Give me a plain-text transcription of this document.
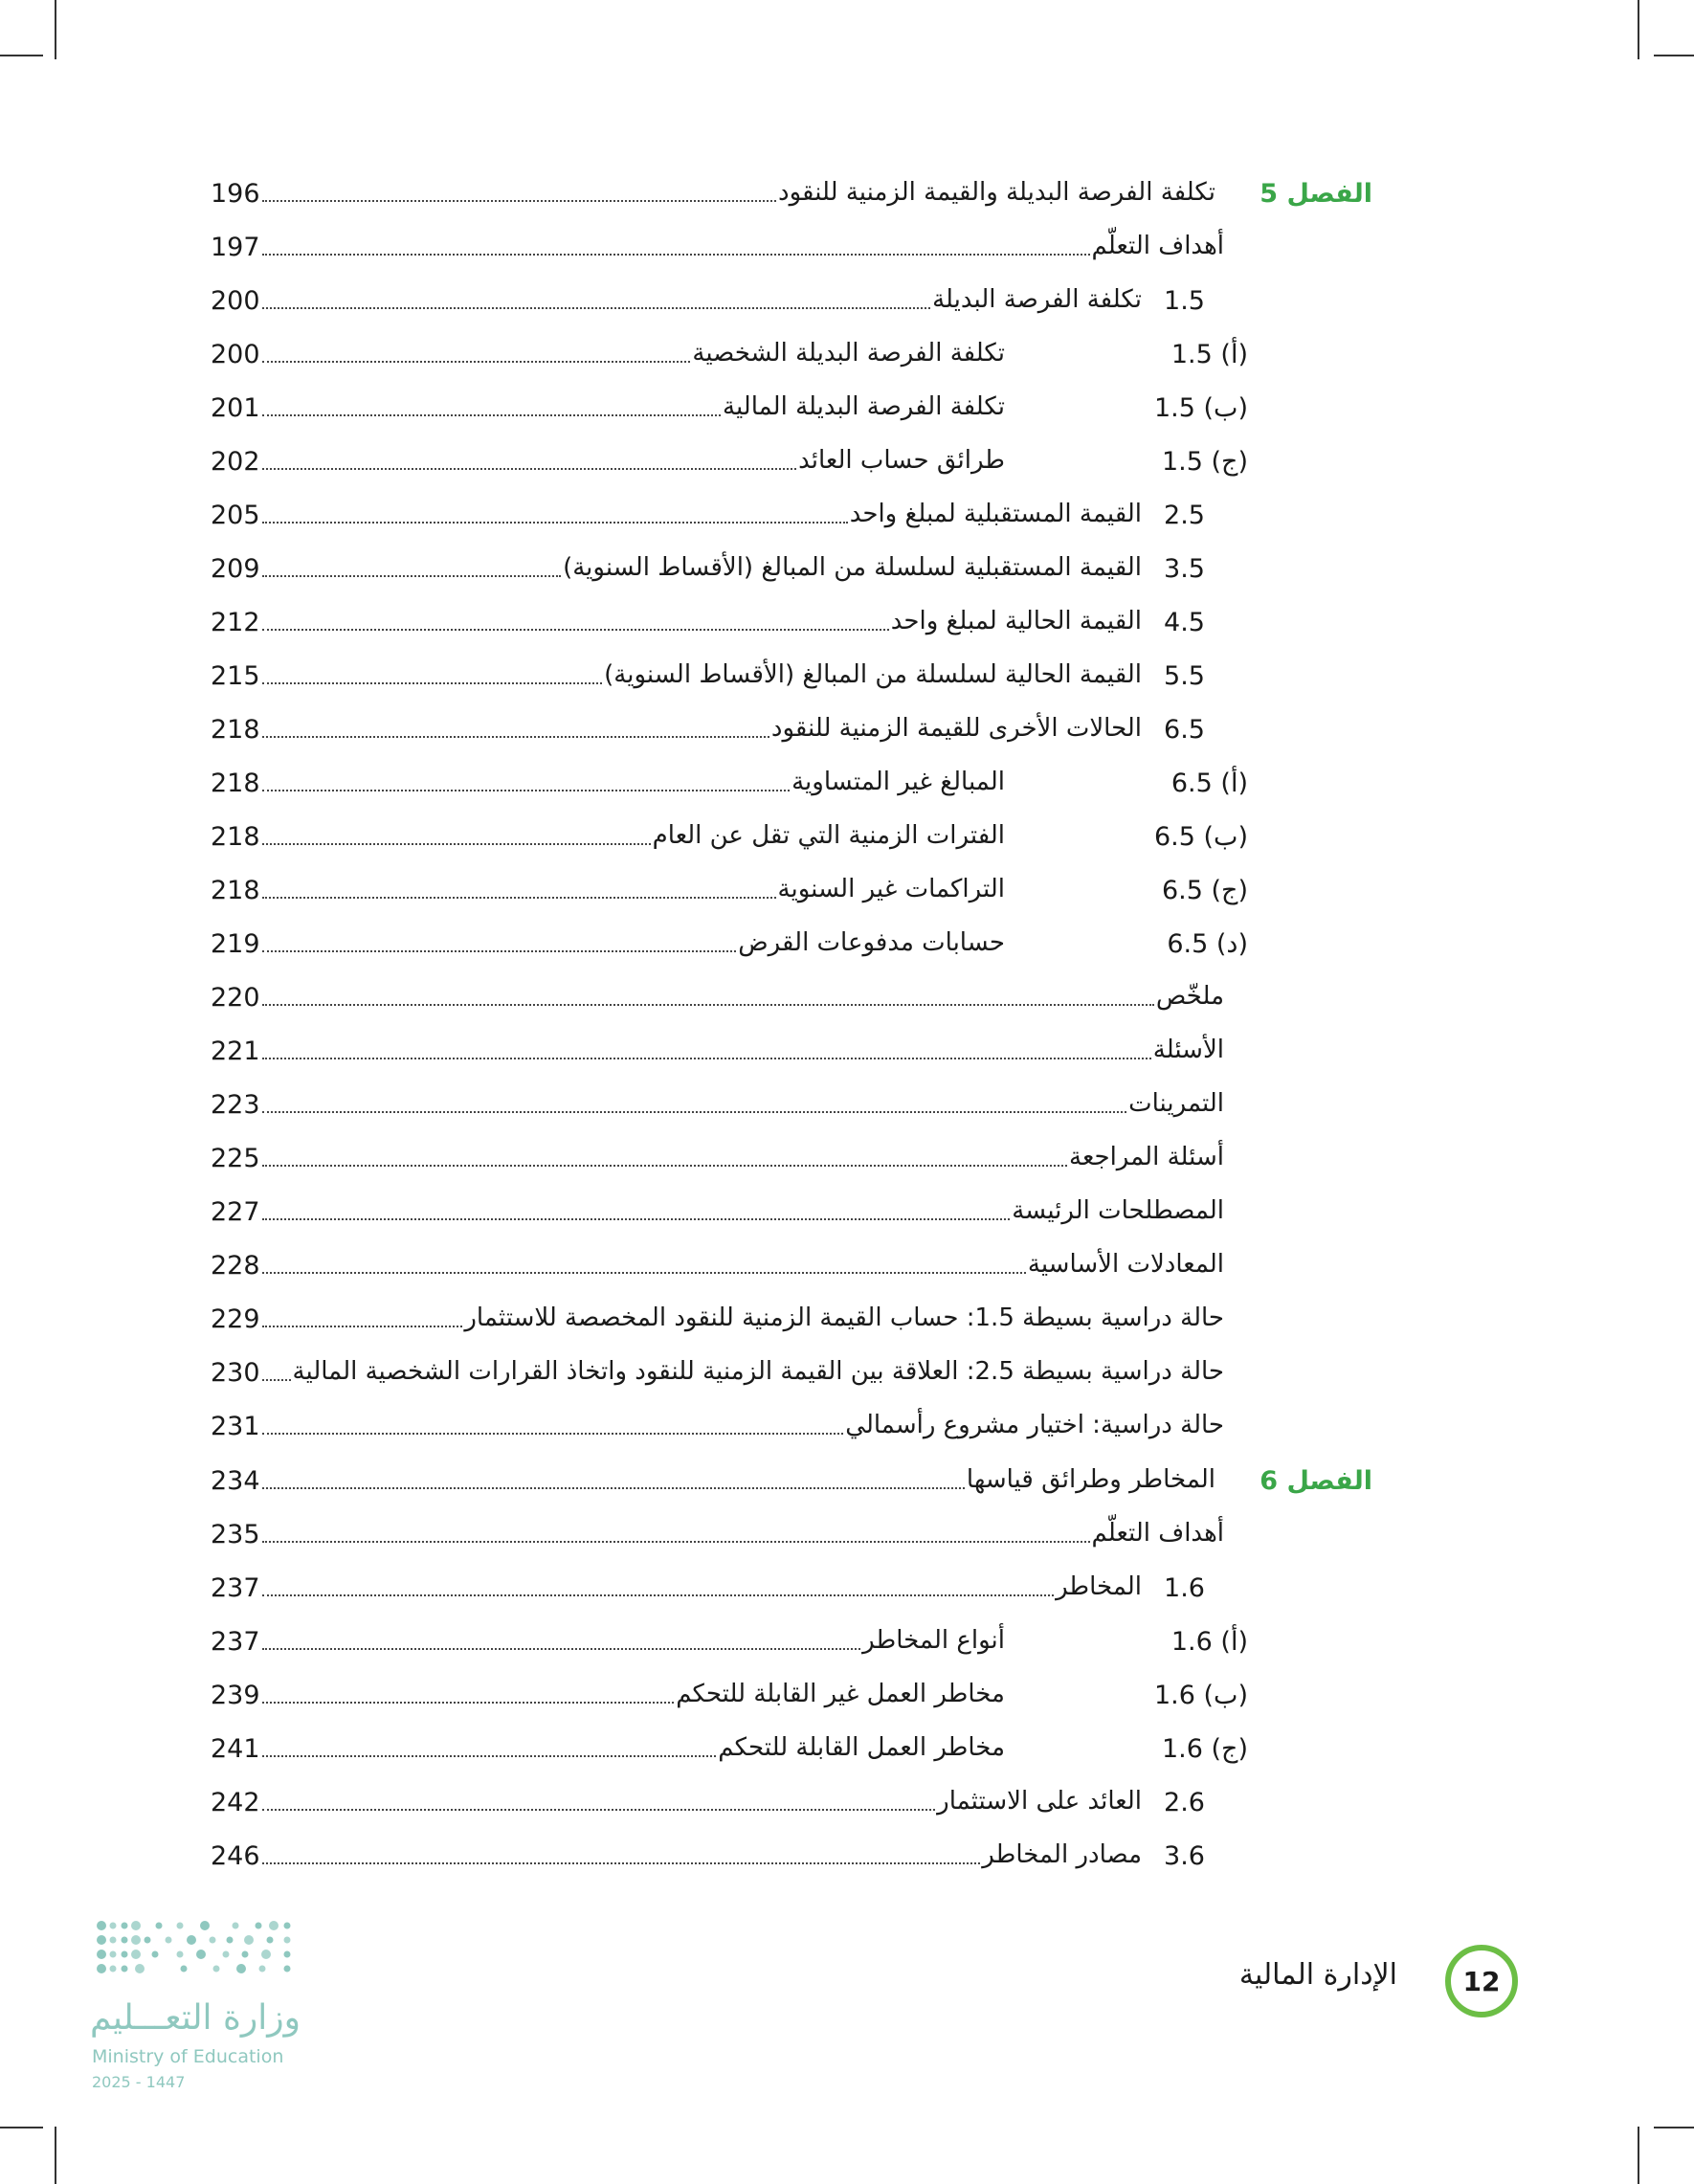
الفصل 5
تكلفة الفرصة البديلة والقيمة الزمنية للنقود
196
أهداف التعلّم
197
1.5
تكلفة الفرصة البديلة
200
1.5 (أ)
تكلفة الفرصة البديلة الشخصية
200
1.5 (ب)
تكلفة الفرصة البديلة المالية
201
1.5 (ج)
طرائق حساب العائد
202
2.5
القيمة المستقبلية لمبلغ واحد
205
3.5
القيمة المستقبلية لسلسلة من المبالغ (الأقساط السنوية)
209
4.5
القيمة الحالية لمبلغ واحد
212
5.5
القيمة الحالية لسلسلة من المبالغ (الأقساط السنوية)
215
6.5
الحالات الأخرى للقيمة الزمنية للنقود
218
6.5 (أ)
المبالغ غير المتساوية
218
6.5 (ب)
الفترات الزمنية التي تقل عن العام
218
6.5 (ج)
التراكمات غير السنوية
218
6.5 (د)
حسابات مدفوعات القرض
219
ملخّص
220
الأسئلة
221
التمرينات
223
أسئلة المراجعة
225
المصطلحات الرئيسة
227
المعادلات الأساسية
228
حالة دراسية بسيطة 1.5: حساب القيمة الزمنية للنقود المخصصة للاستثمار
229
حالة دراسية بسيطة 2.5: العلاقة بين القيمة الزمنية للنقود واتخاذ القرارات الشخصية المالية
230
حالة دراسية: اختيار مشروع رأسمالي
231
الفصل 6
المخاطر وطرائق قياسها
234
أهداف التعلّم
235
1.6
المخاطر
237
1.6 (أ)
أنواع المخاطر
237
1.6 (ب)
مخاطر العمل غير القابلة للتحكم
239
1.6 (ج)
مخاطر العمل القابلة للتحكم
241
2.6
العائد على الاستثمار
242
3.6
مصادر المخاطر
246
12
الإدارة المالية
وزارة التعـــليم
Ministry of Education
2025 - 1447
